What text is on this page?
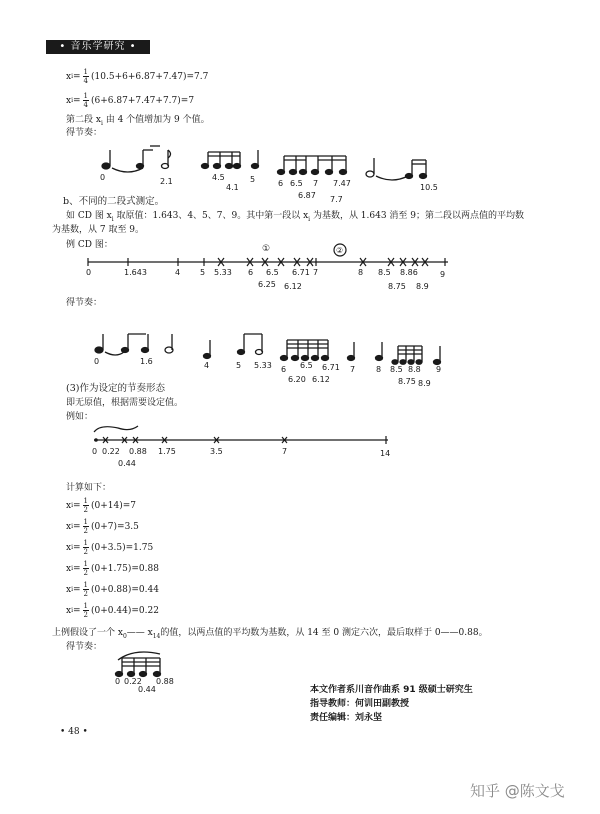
• 音乐学研究 •
x $i = \frac{1}{4} (10.5+6+6.87+7.47)=7.7$
x $i = \frac{1}{4} (6+6.87+7.47+7.7)=7$
第二段 $x_i$ 由 4 个值增加为 9 个值。
得节奏：
0	2.1	4.5
4.1
5	6 6.5 7 7.47
6.87 7.7
10.5
b、不同的二段式测定。
如 CD 图 $x_i$ 取原值：1.643、4、5、7、9。其中第一段以 $x_i$ 为基数，从 1.643 消至 9；第二段以两点值的平均数
为基数，从 7 取至 9。
例 CD 图：
0	1.643	4 5 5.33 6 6.5 6.71 7	8 8.5 8.86	9
6.25 6.12	8.75 8.9
①	②
得节奏：
0	1.6	4	5 5.33 6 6.5 6.71
6.20 6.12
7	8 8.5 8.8
8.75 8.9
9
(3)作为设定的节奏形态
即无原值，根据需要设定值。
例如：
0 0.22 0.88 1.75	3.5	7	14
0.44
计算如下：
x $i = \frac{1}{2} (0+14)=7$
x $i = \frac{1}{2} (0+7)=3.5$
x $i = \frac{1}{2} (0+3.5)=1.75$
x $i = \frac{1}{2} (0+1.75)=0.88$
x $i = \frac{1}{2} (0+0.88)=0.44$
x $i = \frac{1}{2} (0+0.44)=0.22$
上例假设了一个 $x_0——$ $x_{14}$的值，以两点值的平均数为基数，从 14 至 0 测定六次，最后取样于 0——0.88。
得节奏：
0 0.22
0.44
0.88
本文作者系川音作曲系 91 级硕士研究生
指导教师：何训田副教授
责任编辑：刘永坚
• 48 •
知乎 @陈文戈
